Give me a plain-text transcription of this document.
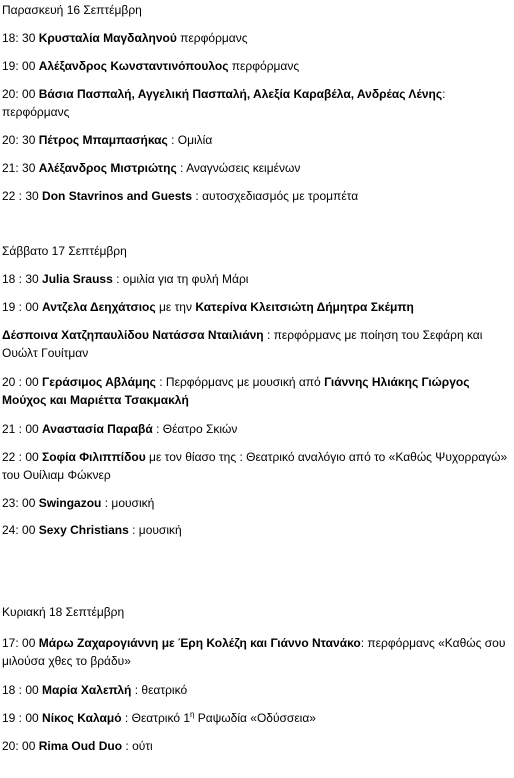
Παρασκευή 16 Σεπτέμβρη
18: 30 Κρυσταλία Μαγδαληνού περφόρμανς
19: 00 Αλέξανδρος Κωνσταντινόπουλος περφόρμανς
20: 00 Βάσια Πασπαλή, Αγγελική Πασπαλή, Αλεξία Καραβέλα, Ανδρέας Λένης:
περφόρμανς
20: 30 Πέτρος Μπαμπασήκας : Ομιλία
21: 30 Αλέξανδρος Μιστριώτης : Αναγνώσεις κειμένων
22 : 30 Don Stavrinos and Guests : αυτοσχεδιασμός με τρομπέτα
Σάββατο 17 Σεπτέμβρη
18 : 30 Julia Srauss : ομιλία για τη φυλή Μάρι
19 : 00 Αντζελα Δεηχάτσιος με την Κατερίνα Κλειτσιώτη Δήμητρα Σκέμπη
Δέσποινα Χατζηπαυλίδου Νατάσσα Νταιλιάνη : περφόρμανς με ποίηση του Σεφάρη και Ουώλτ Γουίτμαν
20 : 00 Γεράσιμος Αβλάμης : Περφόρμανς με μουσική από Γιάννης Ηλιάκης Γιώργος Μούχος και Μαριέττα Τσακμακλή
21 : 00 Αναστασία Παραβά : Θέατρο Σκιών
22 : 00 Σοφία Φιλιππίδου με τον θίασο της : Θεατρικό αναλόγιο από το «Καθώς Ψυχορραγώ» του Ουίλιαμ Φώκνερ
23: 00 Swingazou : μουσική
24: 00 Sexy Christians : μουσική
Κυριακή 18 Σεπτέμβρη
17: 00 Μάρω Ζαχαρογιάννη με Έρη Κολέζη και Γιάννο Ντανάκο: περφόρμανς «Καθώς σου μιλούσα χθες το βράδυ»
18 : 00 Μαρία Χαλεπλή : θεατρικό
19 : 00 Νίκος Καλαμό : Θεατρικό $1^\eta$ Ραψωδία «Οδύσσεια»
20: 00 Rima Oud Duo : ούτι
